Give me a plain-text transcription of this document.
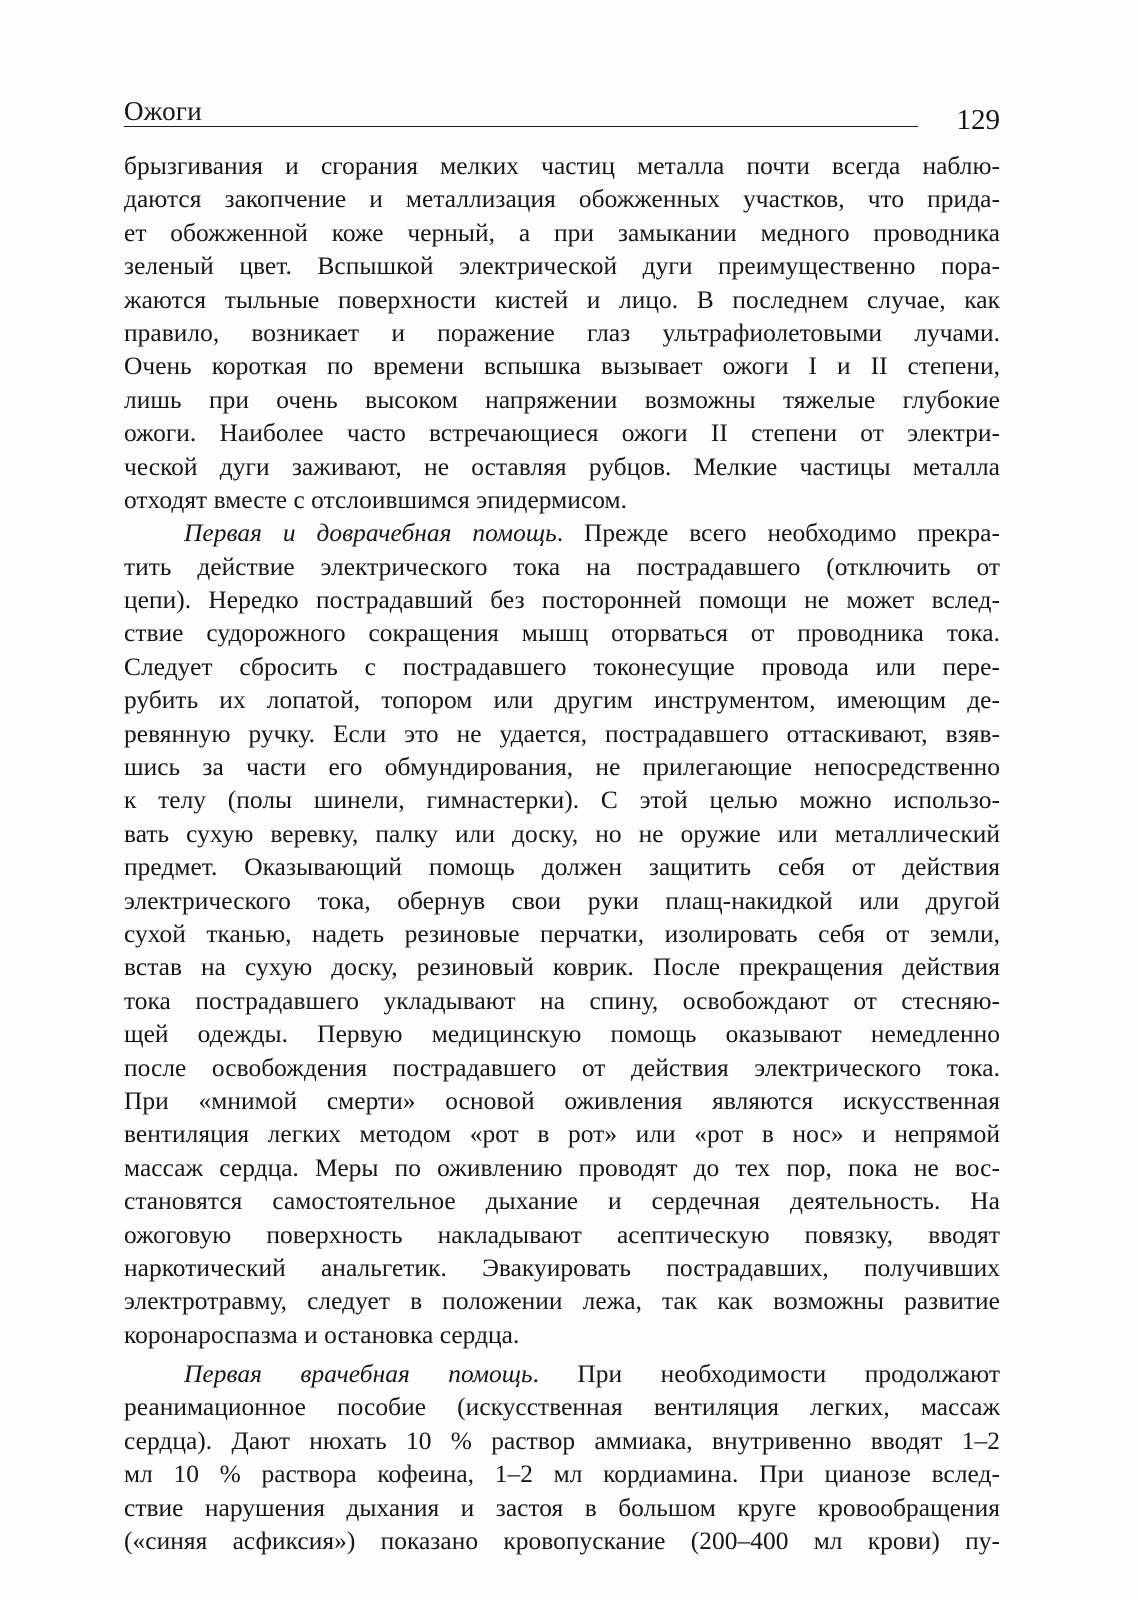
Ожоги	129
брызгивания и сгорания мелких частиц металла почти всегда наблю-
даются закопчение и металлизация обожженных участков, что прида-
ет обожженной коже черный, а при замыкании медного проводника
зеленый цвет. Вспышкой электрической дуги преимущественно пора-
жаются тыльные поверхности кистей и лицо. В последнем случае, как
правило, возникает и поражение глаз ультрафиолетовыми лучами.
Очень короткая по времени вспышка вызывает ожоги I и II степени,
лишь при очень высоком напряжении возможны тяжелые глубокие
ожоги. Наиболее часто встречающиеся ожоги II степени от электри-
ческой дуги заживают, не оставляя рубцов. Мелкие частицы металла
отходят вместе с отслоившимся эпидермисом.
Первая и доврачебная помощь. Прежде всего необходимо прекра-
тить действие электрического тока на пострадавшего (отключить от
цепи). Нередко пострадавший без посторонней помощи не может вслед-
ствие судорожного сокращения мышц оторваться от проводника тока.
Следует сбросить с пострадавшего токонесущие провода или пере-
рубить их лопатой, топором или другим инструментом, имеющим де-
ревянную ручку. Если это не удается, пострадавшего оттаскивают, взяв-
шись за части его обмундирования, не прилегающие непосредственно
к телу (полы шинели, гимнастерки). С этой целью можно использо-
вать сухую веревку, палку или доску, но не оружие или металлический
предмет. Оказывающий помощь должен защитить себя от действия
электрического тока, обернув свои руки плащ-накидкой или другой
сухой тканью, надеть резиновые перчатки, изолировать себя от земли,
встав на сухую доску, резиновый коврик. После прекращения действия
тока пострадавшего укладывают на спину, освобождают от стесняю-
щей одежды. Первую медицинскую помощь оказывают немедленно
после освобождения пострадавшего от действия электрического тока.
При «мнимой смерти» основой оживления являются искусственная
вентиляция легких методом «рот в рот» или «рот в нос» и непрямой
массаж сердца. Меры по оживлению проводят до тех пор, пока не вос-
становятся самостоятельное дыхание и сердечная деятельность. На
ожоговую поверхность накладывают асептическую повязку, вводят
наркотический анальгетик. Эвакуировать пострадавших, получивших
электротравму, следует в положении лежа, так как возможны развитие
коронароспазма и остановка сердца.
Первая врачебная помощь. При необходимости продолжают
реанимационное пособие (искусственная вентиляция легких, массаж
сердца). Дают нюхать 10 % раствор аммиака, внутривенно вводят 1–2
мл 10 % раствора кофеина, 1–2 мл кордиамина. При цианозе вслед-
ствие нарушения дыхания и застоя в большом круге кровообращения
(«синяя асфиксия») показано кровопускание (200–400 мл крови) пу-
